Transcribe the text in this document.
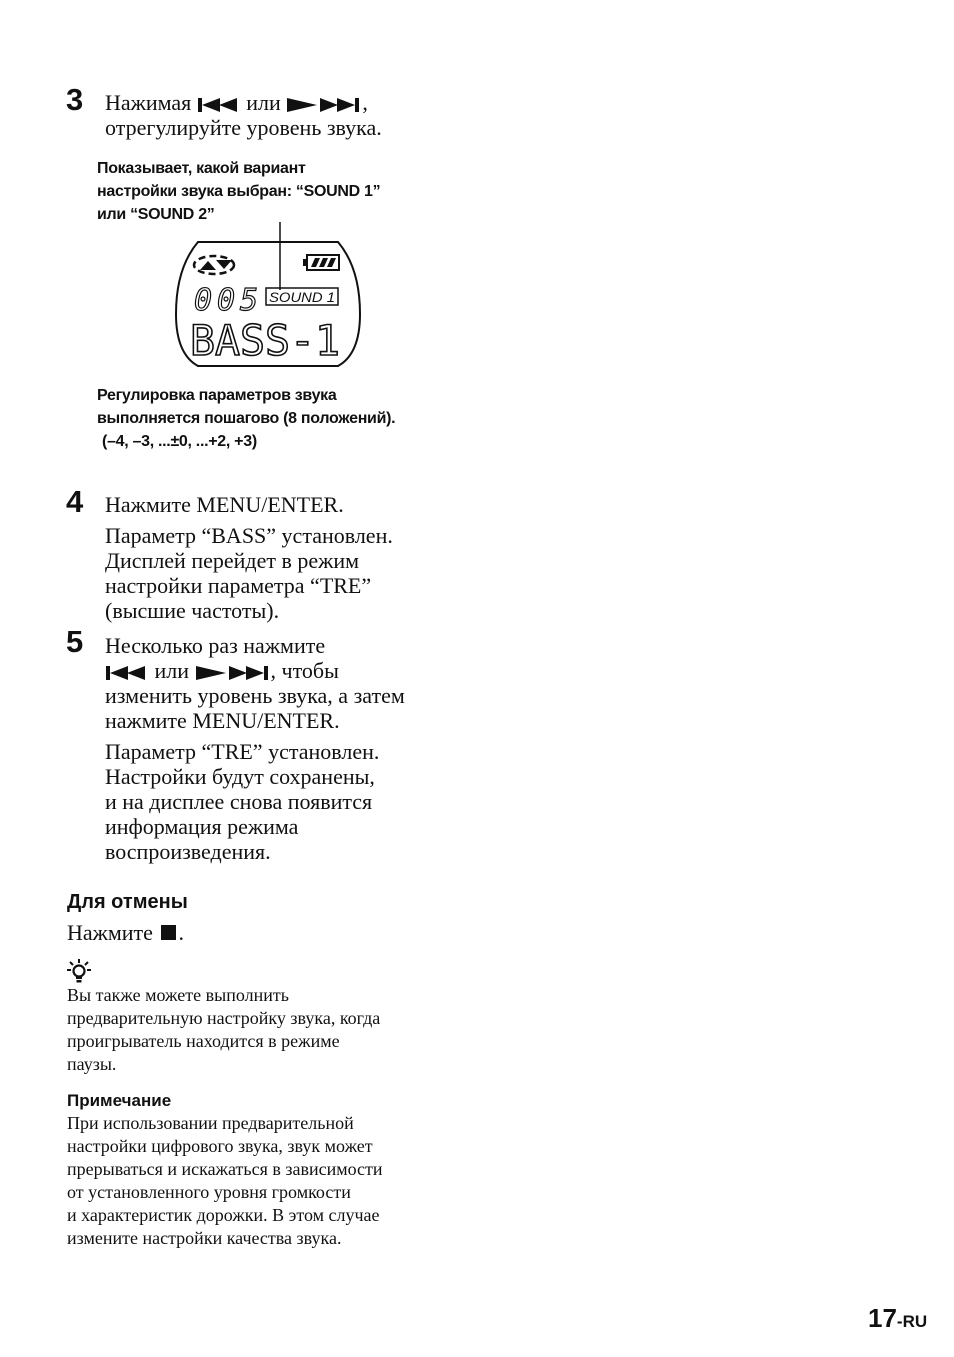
3 Нажимая	или	,
отрегулируйте уровень звука.
Показывает, какой вариант
настройки звука выбран: “SOUND 1”
или “SOUND 2”
005 SOUND 1
BASS-1
Регулировка параметров звука
выполняется пошагово (8 положений).
(–4, –3, ...±0, ...+2, +3)
4 Нажмите MENU/ENTER.
Параметр “BASS” установлен.
Дисплей перейдет в режим
настройки параметра “TRE”
(высшие частоты).
5 Несколько раз нажмите
или	, чтобы
изменить уровень звука, а затем
нажмите MENU/ENTER.
Параметр “TRE” установлен.
Настройки будут сохранены,
и на дисплее снова появится
информация режима
воспроизведения.
Для отмены
Нажмите .
Вы также можете выполнить
предварительную настройку звука, когда
проигрыватель находится в режиме
паузы.
Примечание
При использовании предварительной
настройки цифрового звука, звук может
прерываться и искажаться в зависимости
от установленного уровня громкости
и характеристик дорожки. В этом случае
измените настройки качества звука.
17-RU
